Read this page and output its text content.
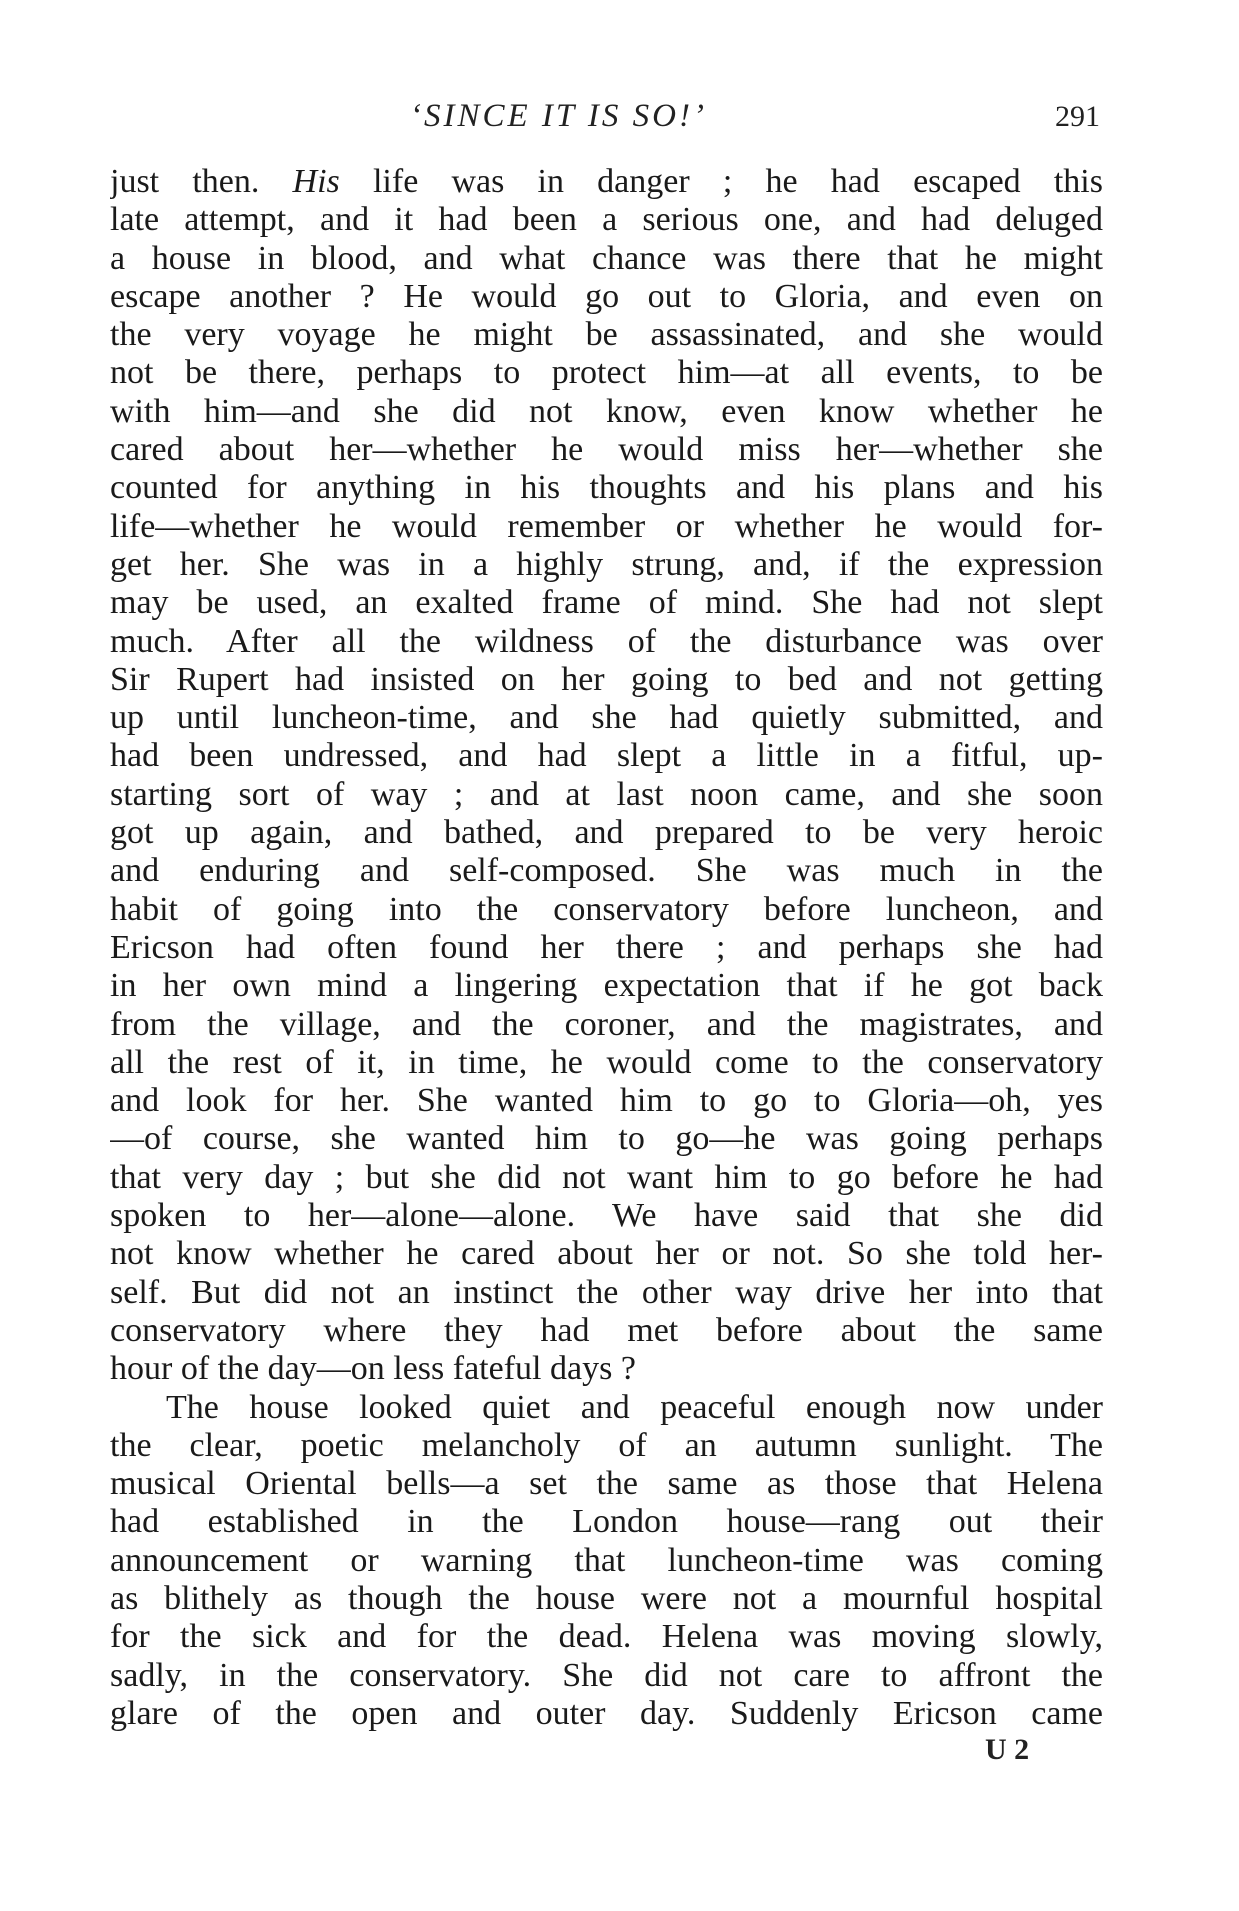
‘SINCE IT IS SO!’	291
just then. His life was in danger ; he had escaped this
late attempt, and it had been a serious one, and had deluged
a house in blood, and what chance was there that he might
escape another ? He would go out to Gloria, and even on
the very voyage he might be assassinated, and she would
not be there, perhaps to protect him—at all events, to be
with him—and she did not know, even know whether he
cared about her—whether he would miss her—whether she
counted for anything in his thoughts and his plans and his
life—whether he would remember or whether he would for-
get her. She was in a highly strung, and, if the expression
may be used, an exalted frame of mind. She had not slept
much. After all the wildness of the disturbance was over
Sir Rupert had insisted on her going to bed and not getting
up until luncheon-time, and she had quietly submitted, and
had been undressed, and had slept a little in a fitful, up-
starting sort of way ; and at last noon came, and she soon
got up again, and bathed, and prepared to be very heroic
and enduring and self-composed. She was much in the
habit of going into the conservatory before luncheon, and
Ericson had often found her there ; and perhaps she had
in her own mind a lingering expectation that if he got back
from the village, and the coroner, and the magistrates, and
all the rest of it, in time, he would come to the conservatory
and look for her. She wanted him to go to Gloria—oh, yes
—of course, she wanted him to go—he was going perhaps
that very day ; but she did not want him to go before he had
spoken to her—alone—alone. We have said that she did
not know whether he cared about her or not. So she told her-
self. But did not an instinct the other way drive her into that
conservatory where they had met before about the same
hour of the day—on less fateful days ?
The house looked quiet and peaceful enough now under
the clear, poetic melancholy of an autumn sunlight. The
musical Oriental bells—a set the same as those that Helena
had established in the London house—rang out their
announcement or warning that luncheon-time was coming
as blithely as though the house were not a mournful hospital
for the sick and for the dead. Helena was moving slowly,
sadly, in the conservatory. She did not care to affront the
glare of the open and outer day. Suddenly Ericson came
U 2
